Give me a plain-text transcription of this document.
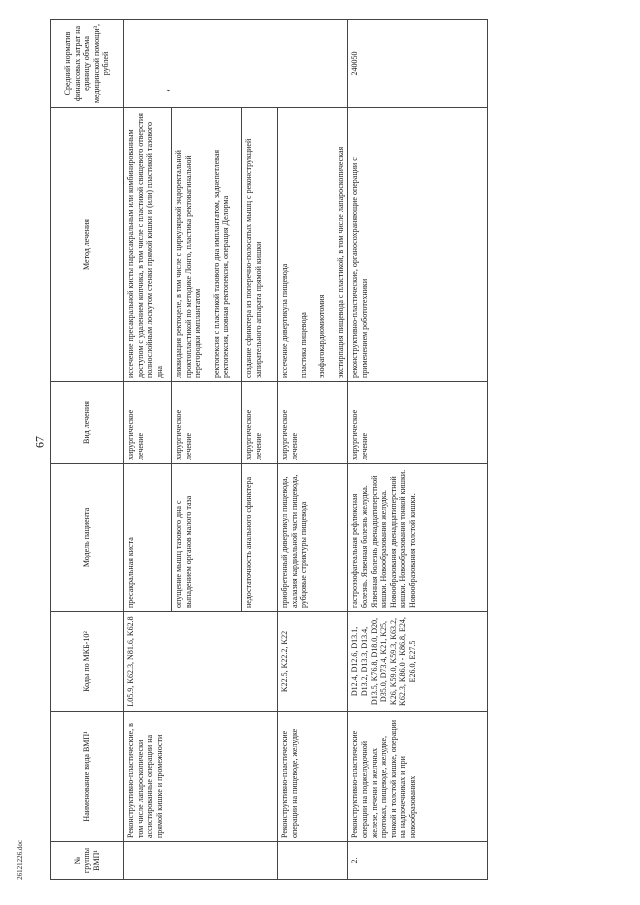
67
26121226.doc
ʻ
№ группы ВМП¹	Наименование вида ВМП¹	Коды по МКБ-10²	Модель пациента	Вид лечения	Метод лечения	Средний норматив финансовых затрат на единицу объема медицинской помощи³, рублей
	Реконструктивно-пластические, в том числе лапароскопически ассистированные операции на прямой кишке и промежности	L05.9, K62.3, N81.6, K62.8	пресакральная киста	хирургическое лечение	иссечение пресакральной кисты парасакральным или комбинированным доступом с удалением копчика, в том числе с пластикой свищевого отверстия полнослойным лоскутом стенки прямой кишки и (или) пластикой тазового дна	

			опущение мышц тазового дна с выпадением органов малого таза	хирургическое лечение	ликвидация ректоцеле, в том числе с циркулярной эндоректальной проктопластикой по методике Лонго, пластика ректовагинальной перегородки имплантатом ректопексия с пластикой тазового дна имплантатом, заднепетлевая ректопексия, шовная ректопексия, операция Делорма	

			недостаточность анального сфинктера	хирургическое лечение	создание сфинктера из поперечно-полосатых мышц с реконструкцией запирательного аппарата прямой кишки	

	Реконструктивно-пластические операции на пищеводе, желудке	K22.5, K22.2, K22	приобретенный дивертикул пищевода, ахалазия кардиальной части пищевода, рубцовые стриктуры пищевода	хирургическое лечение	иссечение дивертикула пищевода пластика пищевода эзофагокардиомиотомия экстирпация пищевода с пластикой, в том числе лапароскопическая	

2.	Реконструктивно-пластические операции на поджелудочной железе, печени и желчных протоках, пищеводе, желудке, тонкой и толстой кишке, операции на надпочечниках и при новообразованиях	D12.4, D12.6, D13.1, D13.2, D13.3, D13.4, D13.5, K76.8, D18.0, D20, D35.0, D73.4, K21, K25, K26, K59.0, K59.3, K63.2, K62.3, K86.0 - K86.8, E24, E26.0, E27.5	гастроэзофагеальная рефлюксная болезнь. Язвенная болезнь желудка. Язвенная болезнь двенадцатиперстной кишки. Новообразования желудка. Новообразования двенадцатиперстной кишки. Новообразования тонкой кишки. Новообразования толстой кишки.	хирургическое лечение	реконструктивно-пластические, органосохраняющие операции с применением робототехники	240050
